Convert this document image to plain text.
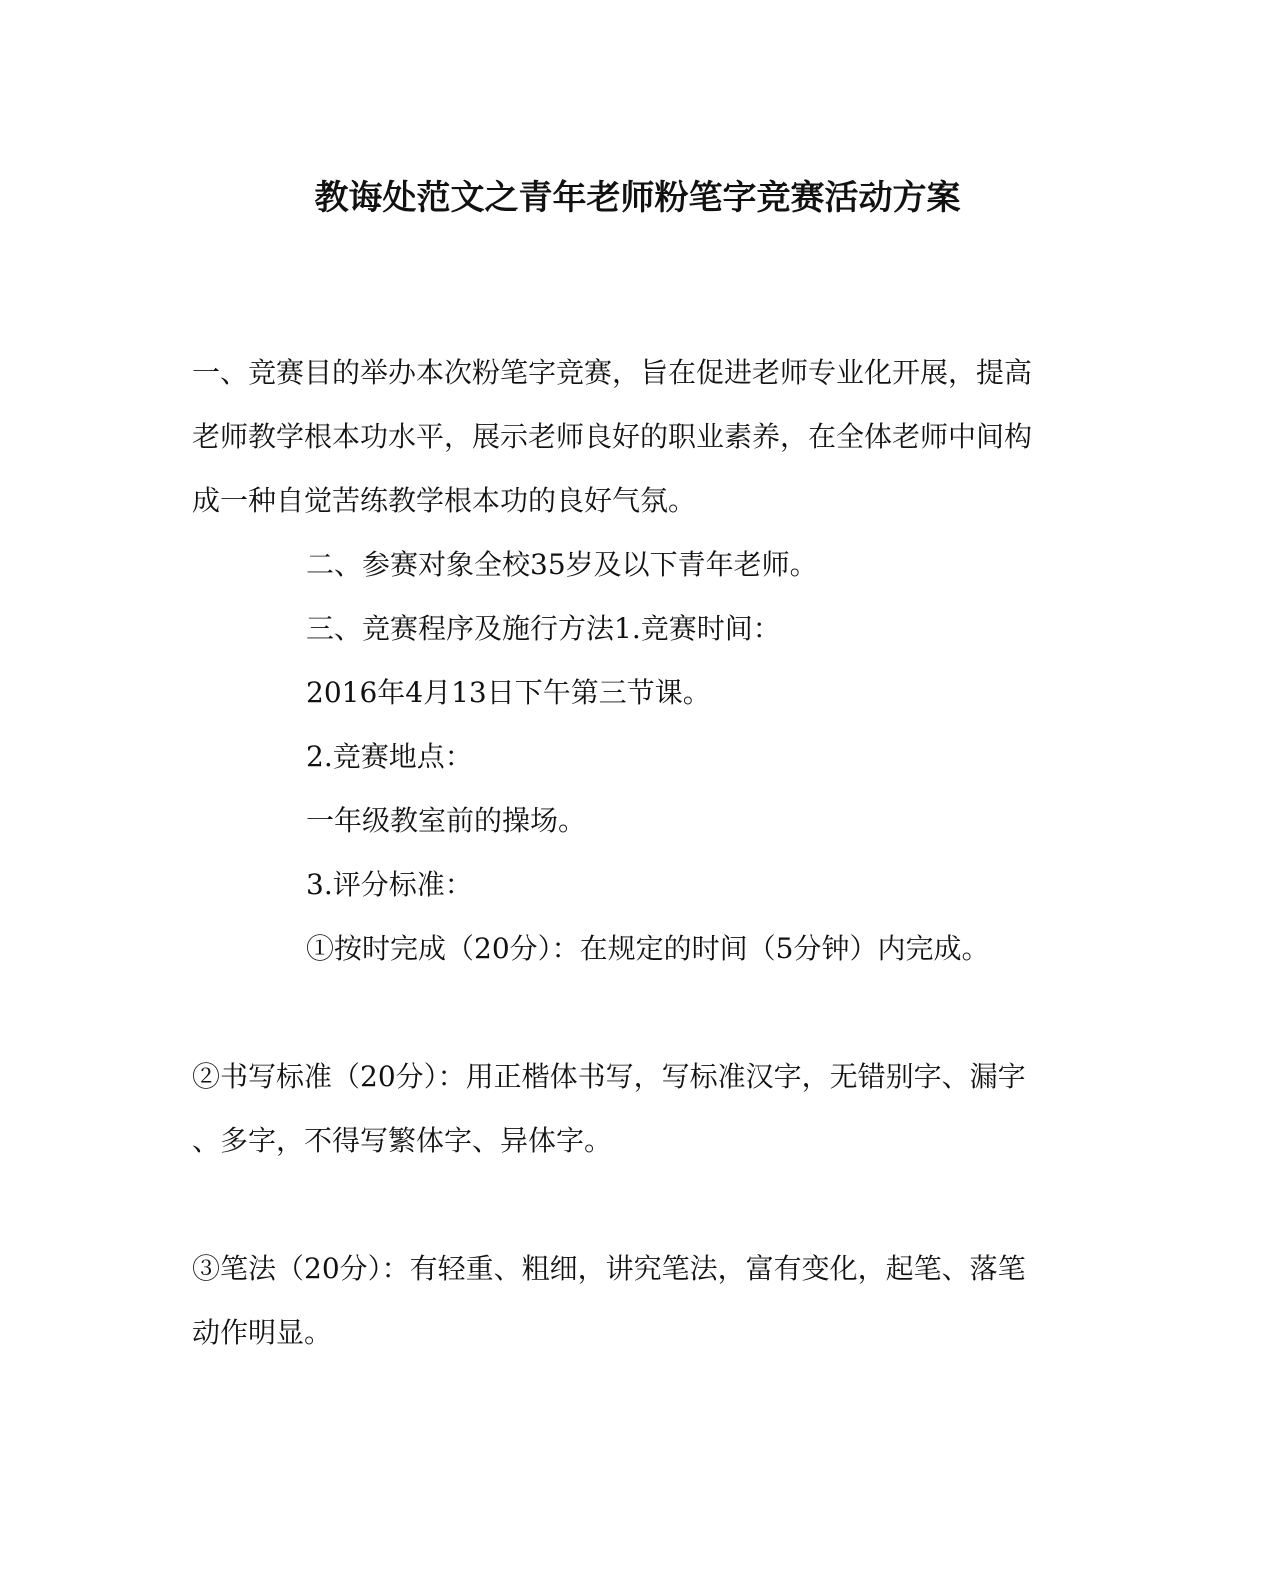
教诲处范文之青年老师粉笔字竞赛活动方案
一、竞赛目的举办本次粉笔字竞赛，旨在促进老师专业化开展，提高
老师教学根本功水平，展示老师良好的职业素养，在全体老师中间构
成一种自觉苦练教学根本功的良好气氛。
二、参赛对象全校35岁及以下青年老师。
三、竞赛程序及施行方法1.竞赛时间：
2016年4月13日下午第三节课。
2.竞赛地点：
一年级教室前的操场。
3.评分标准：
①按时完成（20分）：在规定的时间（5分钟）内完成。
②书写标准（20分）：用正楷体书写，写标准汉字，无错别字、漏字
、多字，不得写繁体字、异体字。
③笔法（20分）：有轻重、粗细，讲究笔法，富有变化，起笔、落笔
动作明显。
